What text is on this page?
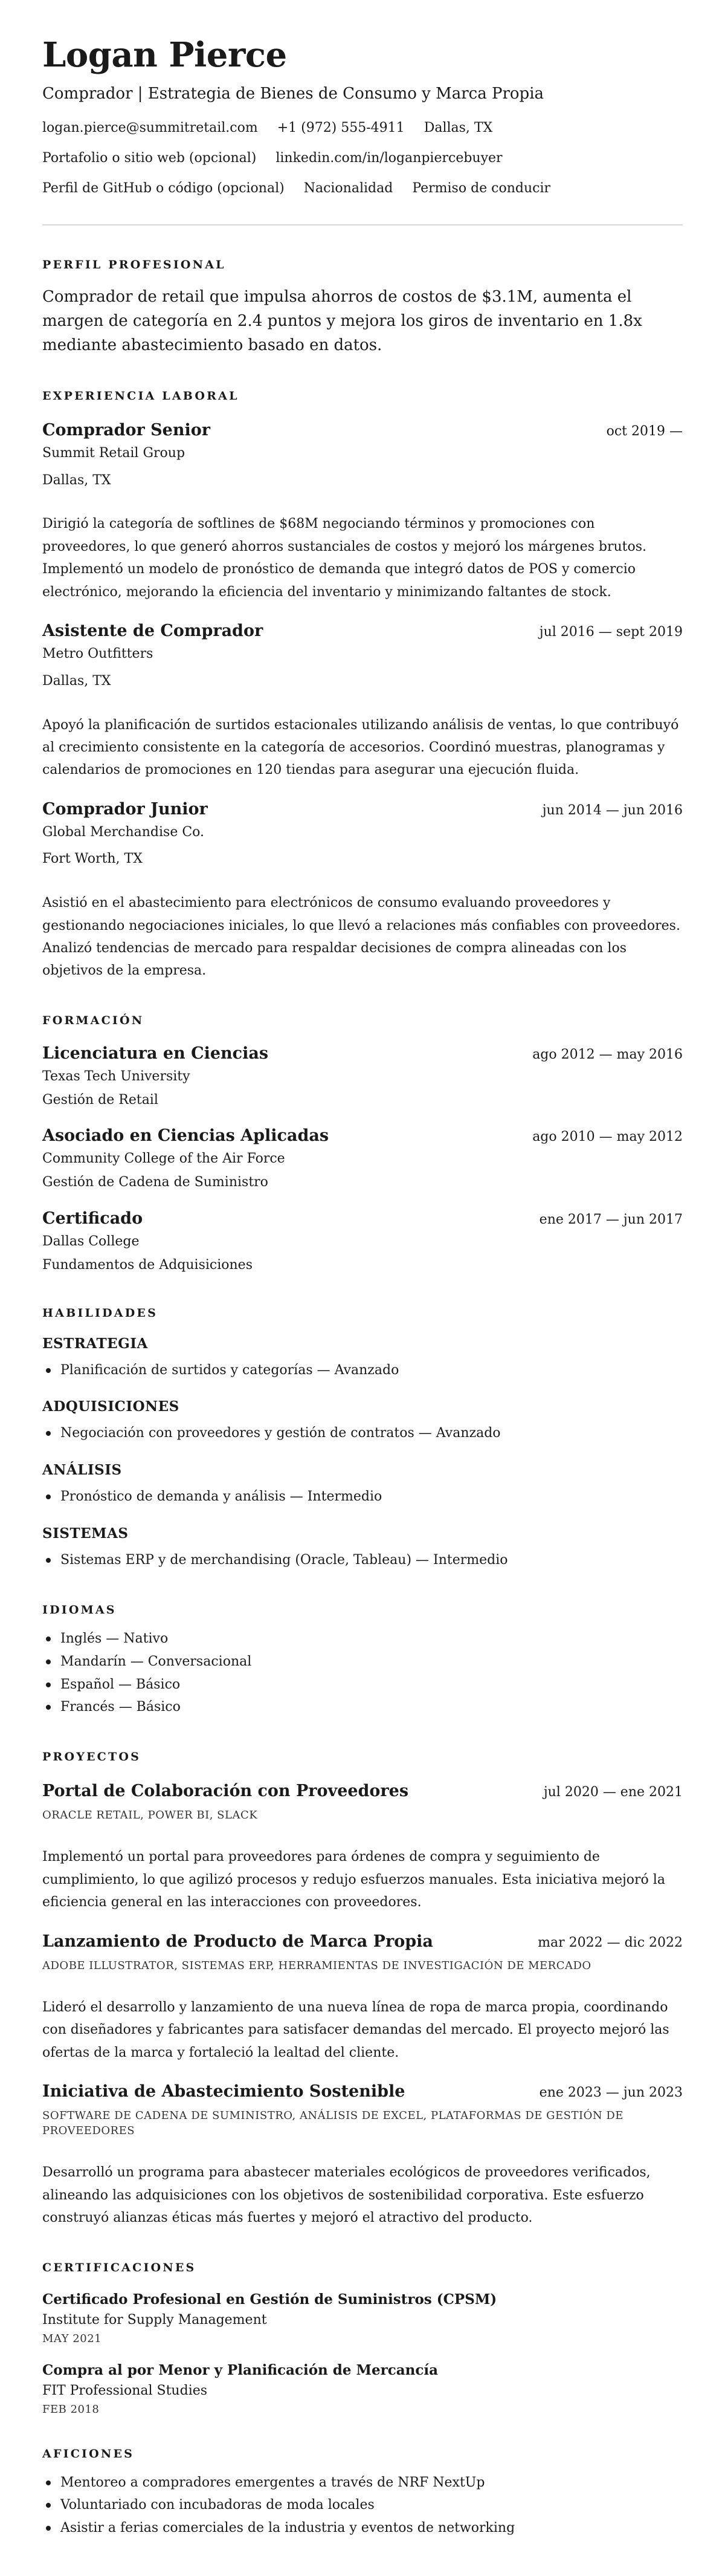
Logan Pierce
Comprador | Estrategia de Bienes de Consumo y Marca Propia
logan.pierce@summitretail.com +1 (972) 555-4911 Dallas, TX
Portafolio o sitio web (opcional) linkedin.com/in/loganpiercebuyer
Perfil de GitHub o código (opcional) Nacionalidad Permiso de conducir
PERFIL PROFESIONAL

Comprador de retail que impulsa ahorros de costos de $3.1M, aumenta el margen de categoría en 2.4 puntos y mejora los giros de inventario en 1.8x mediante abastecimiento basado en datos.

EXPERIENCIA LABORAL
Comprador Senior	oct 2019 —
Summit Retail Group
Dallas, TX

Dirigió la categoría de softlines de $68M negociando términos y promociones con proveedores, lo que generó ahorros sustanciales de costos y mejoró los márgenes brutos. Implementó un modelo de pronóstico de demanda que integró datos de POS y comercio electrónico, mejorando la eficiencia del inventario y minimizando faltantes de stock.

Asistente de Comprador	jul 2016 — sept 2019
Metro Outfitters
Dallas, TX

Apoyó la planificación de surtidos estacionales utilizando análisis de ventas, lo que contribuyó al crecimiento consistente en la categoría de accesorios. Coordinó muestras, planogramas y calendarios de promociones en 120 tiendas para asegurar una ejecución fluida.

Comprador Junior	jun 2014 — jun 2016
Global Merchandise Co.
Fort Worth, TX

Asistió en el abastecimiento para electrónicos de consumo evaluando proveedores y gestionando negociaciones iniciales, lo que llevó a relaciones más confiables con proveedores. Analizó tendencias de mercado para respaldar decisiones de compra alineadas con los objetivos de la empresa.

FORMACIÓN
Licenciatura en Ciencias	ago 2012 — may 2016
Texas Tech University
Gestión de Retail
Asociado en Ciencias Aplicadas	ago 2010 — may 2012
Community College of the Air Force
Gestión de Cadena de Suministro
Certificado	ene 2017 — jun 2017
Dallas College
Fundamentos de Adquisiciones
HABILIDADES
ESTRATEGIA
Planificación de surtidos y categorías — Avanzado
ADQUISICIONES
Negociación con proveedores y gestión de contratos — Avanzado
ANÁLISIS
Pronóstico de demanda y análisis — Intermedio
SISTEMAS
Sistemas ERP y de merchandising (Oracle, Tableau) — Intermedio
IDIOMAS
Inglés — Nativo
Mandarín — Conversacional
Español — Básico
Francés — Básico
PROYECTOS
Portal de Colaboración con Proveedores	jul 2020 — ene 2021
ORACLE RETAIL, POWER BI, SLACK

Implementó un portal para proveedores para órdenes de compra y seguimiento de cumplimiento, lo que agilizó procesos y redujo esfuerzos manuales. Esta iniciativa mejoró la eficiencia general en las interacciones con proveedores.

Lanzamiento de Producto de Marca Propia	mar 2022 — dic 2022
ADOBE ILLUSTRATOR, SISTEMAS ERP, HERRAMIENTAS DE INVESTIGACIÓN DE MERCADO

Lideró el desarrollo y lanzamiento de una nueva línea de ropa de marca propia, coordinando con diseñadores y fabricantes para satisfacer demandas del mercado. El proyecto mejoró las ofertas de la marca y fortaleció la lealtad del cliente.

Iniciativa de Abastecimiento Sostenible	ene 2023 — jun 2023
SOFTWARE DE CADENA DE SUMINISTRO, ANÁLISIS DE EXCEL, PLATAFORMAS DE GESTIÓN DE PROVEEDORES

Desarrolló un programa para abastecer materiales ecológicos de proveedores verificados, alineando las adquisiciones con los objetivos de sostenibilidad corporativa. Este esfuerzo construyó alianzas éticas más fuertes y mejoró el atractivo del producto.

CERTIFICACIONES
Certificado Profesional en Gestión de Suministros (CPSM)
Institute for Supply Management
MAY 2021
Compra al por Menor y Planificación de Mercancía
FIT Professional Studies
FEB 2018
AFICIONES
Mentoreo a compradores emergentes a través de NRF NextUp
Voluntariado con incubadoras de moda locales
Asistir a ferias comerciales de la industria y eventos de networking
